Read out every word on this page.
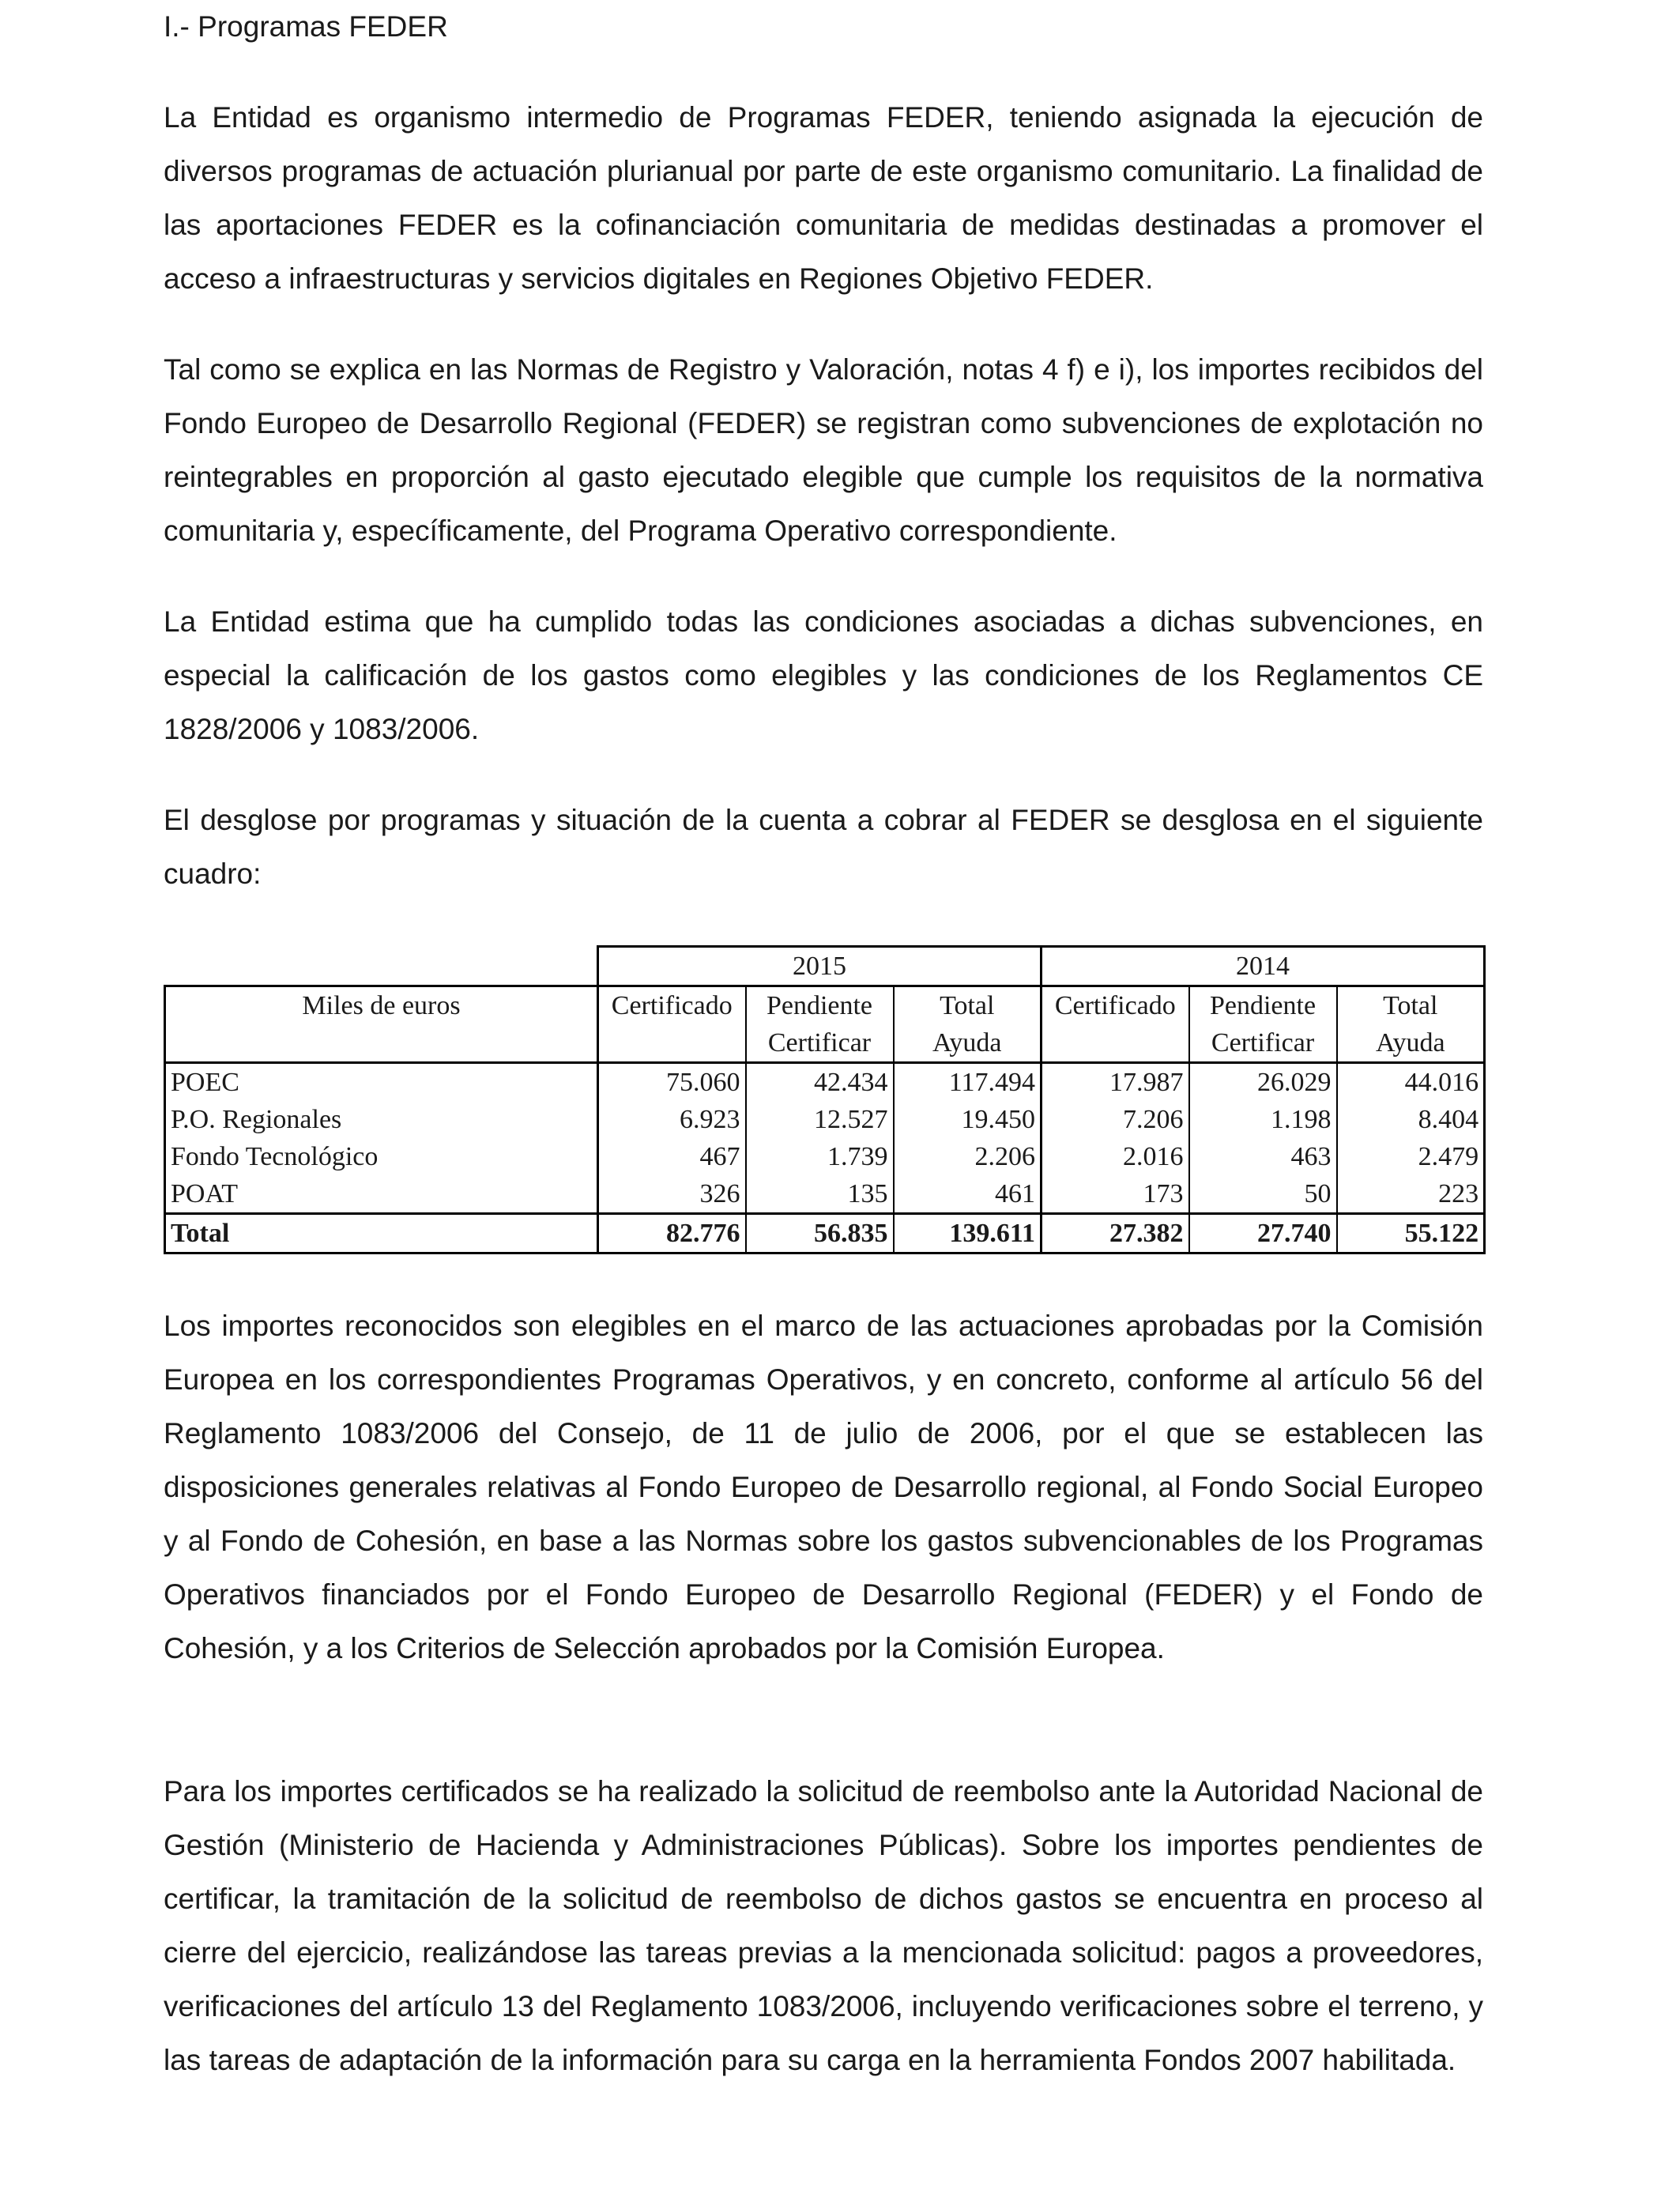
I.- Programas FEDER

La Entidad es organismo intermedio de Programas FEDER, teniendo asignada la ejecución de diversos programas de actuación plurianual por parte de este organismo comunitario. La finalidad de las aportaciones FEDER es la cofinanciación comunitaria de medidas destinadas a promover el acceso a infraestructuras y servicios digitales en Regiones Objetivo FEDER.

Tal como se explica en las Normas de Registro y Valoración, notas 4 f) e i), los importes recibidos del Fondo Europeo de Desarrollo Regional (FEDER) se registran como subvenciones de explotación no reintegrables en proporción al gasto ejecutado elegible que cumple los requisitos de la normativa comunitaria y, específicamente, del Programa Operativo correspondiente.

La Entidad estima que ha cumplido todas las condiciones asociadas a dichas subvenciones, en especial la calificación de los gastos como elegibles y las condiciones de los Reglamentos CE 1828/2006 y 1083/2006.

El desglose por programas y situación de la cuenta a cobrar al FEDER se desglosa en el siguiente cuadro:

	2015			2014		
Miles de euros	Certificado	Pendiente	Total	Certificado	Pendiente	Total
		Certificar	Ayuda		Certificar	Ayuda
POEC	75.060	42.434	117.494	17.987	26.029	44.016
P.O. Regionales	6.923	12.527	19.450	7.206	1.198	8.404
Fondo Tecnológico	467	1.739	2.206	2.016	463	2.479
POAT	326	135	461	173	50	223
Total	82.776	56.835	139.611	27.382	27.740	55.122

Los importes reconocidos son elegibles en el marco de las actuaciones aprobadas por la Comisión Europea en los correspondientes Programas Operativos, y en concreto, conforme al artículo 56 del Reglamento 1083/2006 del Consejo, de 11 de julio de 2006, por el que se establecen las disposiciones generales relativas al Fondo Europeo de Desarrollo regional, al Fondo Social Europeo y al Fondo de Cohesión, en base a las Normas sobre los gastos subvencionables de los Programas Operativos financiados por el Fondo Europeo de Desarrollo Regional (FEDER) y el Fondo de Cohesión, y a los Criterios de Selección aprobados por la Comisión Europea.

Para los importes certificados se ha realizado la solicitud de reembolso ante la Autoridad Nacional de Gestión (Ministerio de Hacienda y Administraciones Públicas). Sobre los importes pendientes de certificar, la tramitación de la solicitud de reembolso de dichos gastos se encuentra en proceso al cierre del ejercicio, realizándose las tareas previas a la mencionada solicitud: pagos a proveedores, verificaciones del artículo 13 del Reglamento 1083/2006, incluyendo verificaciones sobre el terreno, y las tareas de adaptación de la información para su carga en la herramienta Fondos 2007 habilitada.
